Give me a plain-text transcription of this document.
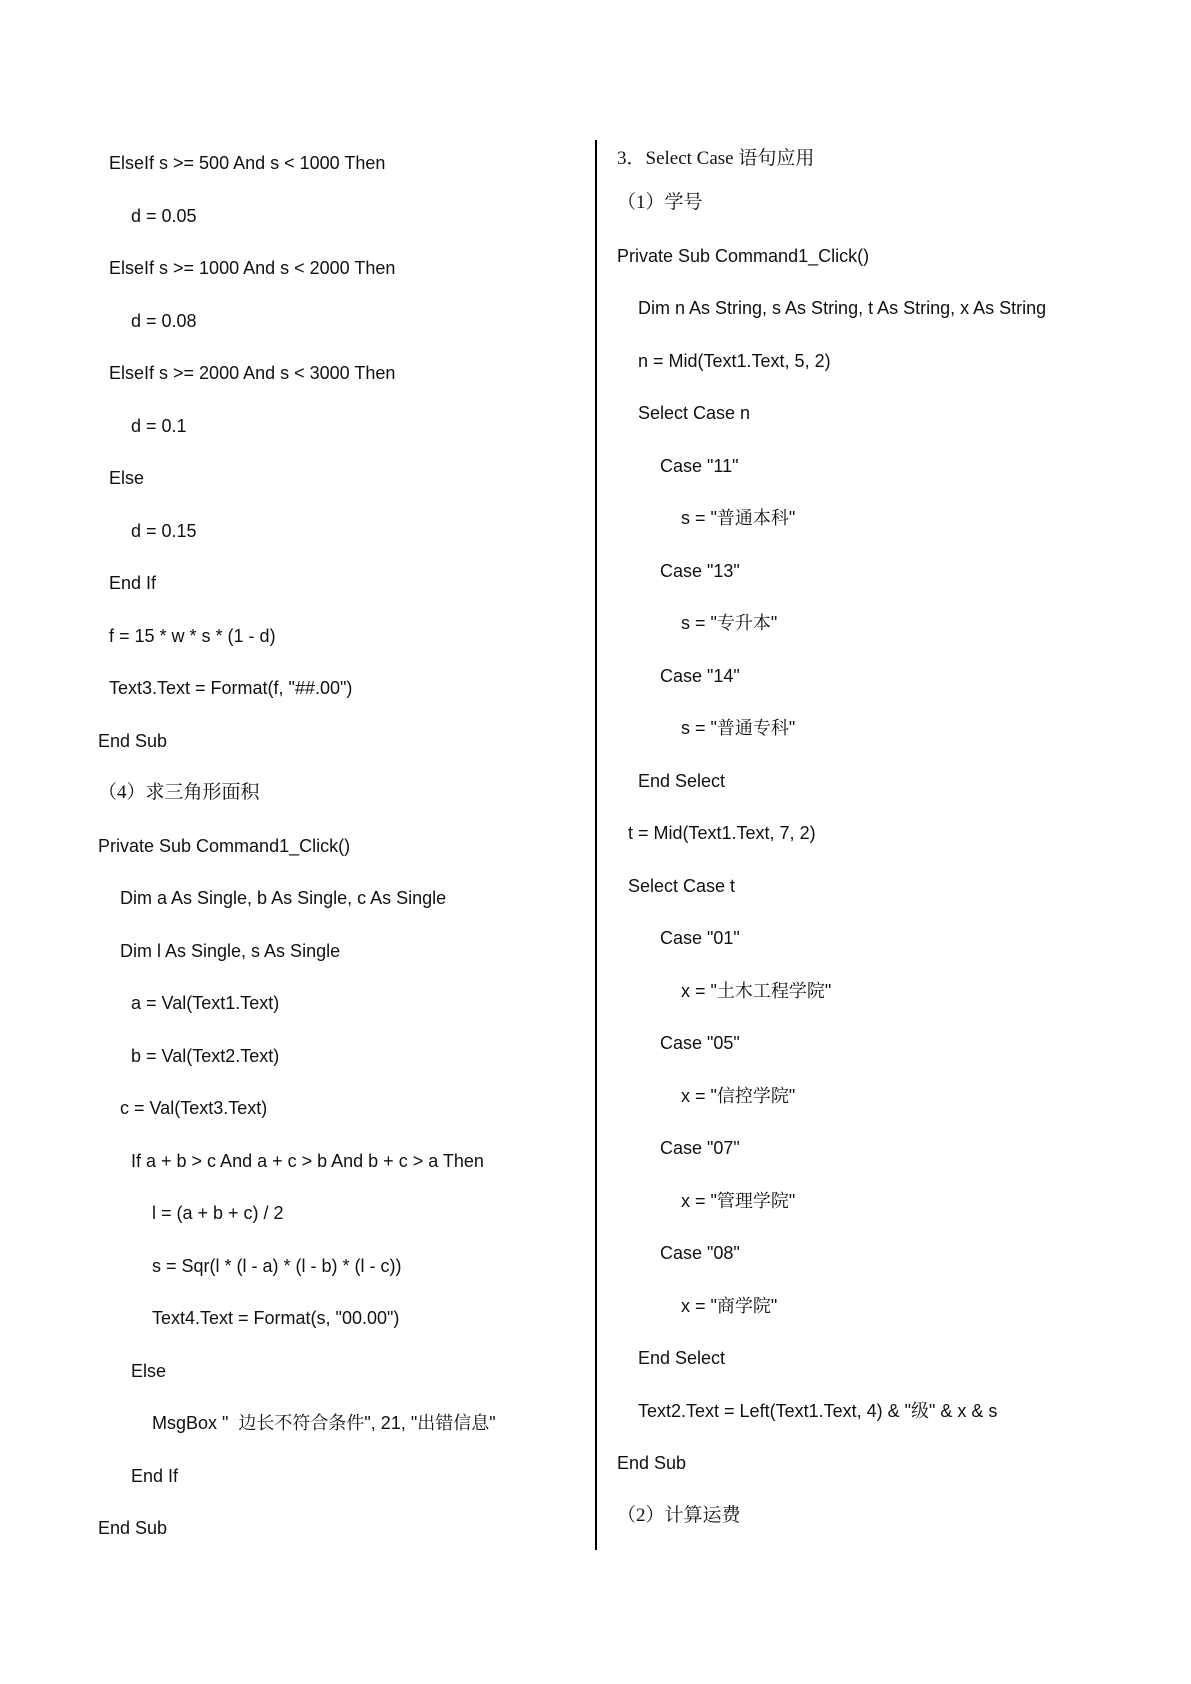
ElseIf s >= 500 And s < 1000 Then
d = 0.05
ElseIf s >= 1000 And s < 2000 Then
d = 0.08
ElseIf s >= 2000 And s < 3000 Then
d = 0.1
Else
d = 0.15
End If
f = 15 * w * s * (1 - d)
Text3.Text = Format(f, "##.00")
End Sub
（4）求三角形面积
Private Sub Command1_Click()
Dim a As Single, b As Single, c As Single
Dim l As Single, s As Single
a = Val(Text1.Text)
b = Val(Text2.Text)
c = Val(Text3.Text)
If a + b > c And a + c > b And b + c > a Then
l = (a + b + c) / 2
s = Sqr(l * (l - a) * (l - b) * (l - c))
Text4.Text = Format(s, "00.00")
Else
MsgBox "  边长不符合条件", 21, "出错信息"
End If
End Sub
3．Select Case 语句应用
（1）学号
Private Sub Command1_Click()
Dim n As String, s As String, t As String, x As String
n = Mid(Text1.Text, 5, 2)
Select Case n
Case "11"
s = "普通本科"
Case "13"
s = "专升本"
Case "14"
s = "普通专科"
End Select
t = Mid(Text1.Text, 7, 2)
Select Case t
Case "01"
x = "土木工程学院"
Case "05"
x = "信控学院"
Case "07"
x = "管理学院"
Case "08"
x = "商学院"
End Select
Text2.Text = Left(Text1.Text, 4) & "级" & x & s
End Sub
（2）计算运费
